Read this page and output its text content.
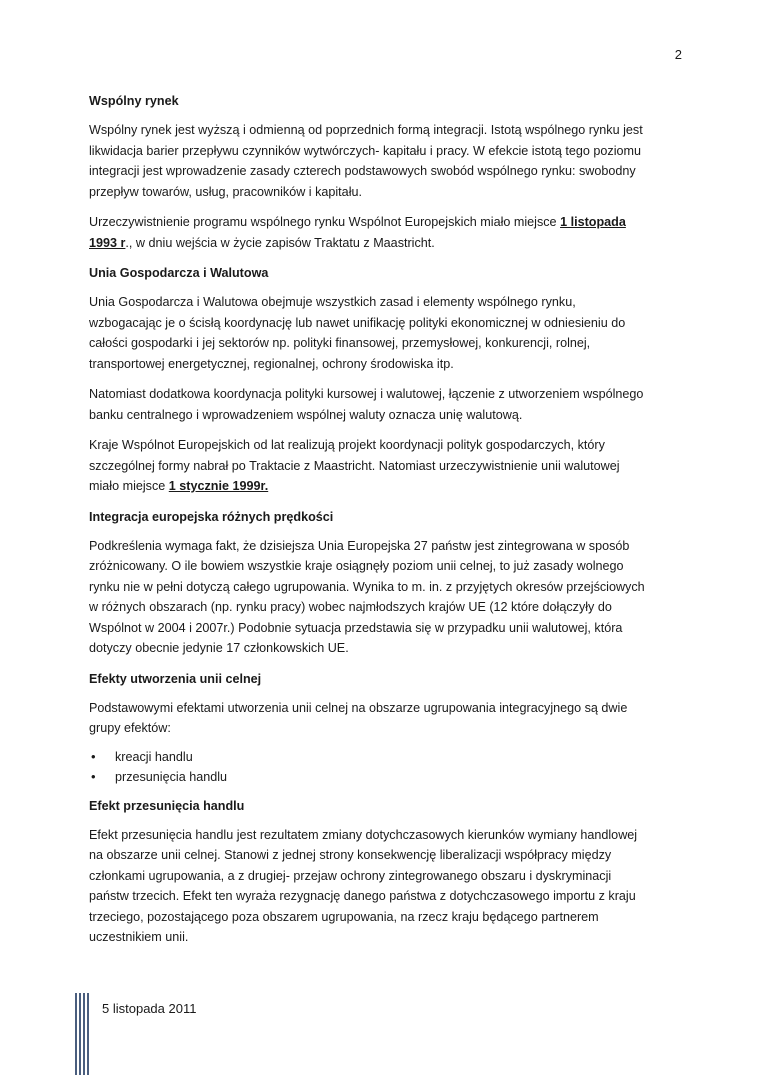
2
Wspólny rynek

Wspólny rynek jest wyższą i odmienną od poprzednich formą integracji. Istotą wspólnego rynku jest likwidacja barier przepływu czynników wytwórczych- kapitału i pracy. W efekcie istotą tego poziomu integracji jest wprowadzenie zasady czterech podstawowych swobód wspólnego rynku: swobodny przepływ towarów, usług, pracowników i kapitału.

Urzeczywistnienie programu wspólnego rynku Wspólnot Europejskich miało miejsce 1 listopada 1993 r., w dniu wejścia w życie zapisów Traktatu z Maastricht.

Unia Gospodarcza i Walutowa

Unia Gospodarcza i Walutowa obejmuje wszystkich zasad i elementy wspólnego rynku, wzbogacając je o ścisłą koordynację lub nawet unifikację polityki ekonomicznej w odniesieniu do całości gospodarki i jej sektorów np. polityki finansowej, przemysłowej, konkurencji, rolnej, transportowej energetycznej, regionalnej, ochrony środowiska itp.

Natomiast dodatkowa koordynacja polityki kursowej i walutowej, łączenie z utworzeniem wspólnego banku centralnego i wprowadzeniem wspólnej waluty oznacza unię walutową.

Kraje Wspólnot Europejskich od lat realizują projekt koordynacji polityk gospodarczych, który szczególnej formy nabrał po Traktacie z Maastricht. Natomiast urzeczywistnienie unii walutowej miało miejsce 1 stycznie 1999r.

Integracja europejska różnych prędkości

Podkreślenia wymaga fakt, że dzisiejsza Unia Europejska 27 państw jest zintegrowana w sposób zróżnicowany. O ile bowiem wszystkie kraje osiągnęły poziom unii celnej, to już zasady wolnego rynku nie w pełni dotyczą całego ugrupowania. Wynika to m. in. z przyjętych okresów przejściowych w różnych obszarach (np. rynku pracy) wobec najmłodszych krajów UE (12 które dołączyły do Wspólnot w 2004 i 2007r.) Podobnie sytuacja przedstawia się w przypadku unii walutowej, która dotyczy obecnie jedynie 17 członkowskich UE.

Efekty utworzenia unii celnej

Podstawowymi efektami utworzenia unii celnej na obszarze ugrupowania integracyjnego są dwie grupy efektów:

• kreacji handlu
• przesunięcia handlu
Efekt przesunięcia handlu

Efekt przesunięcia handlu jest rezultatem zmiany dotychczasowych kierunków wymiany handlowej na obszarze unii celnej. Stanowi z jednej strony konsekwencję liberalizacji współpracy między członkami ugrupowania, a z drugiej- przejaw ochrony zintegrowanego obszaru i dyskryminacji państw trzecich. Efekt ten wyraża rezygnację danego państwa z dotychczasowego importu z kraju trzeciego, pozostającego poza obszarem ugrupowania, na rzecz kraju będącego partnerem uczestnikiem unii.

5 listopada 2011
